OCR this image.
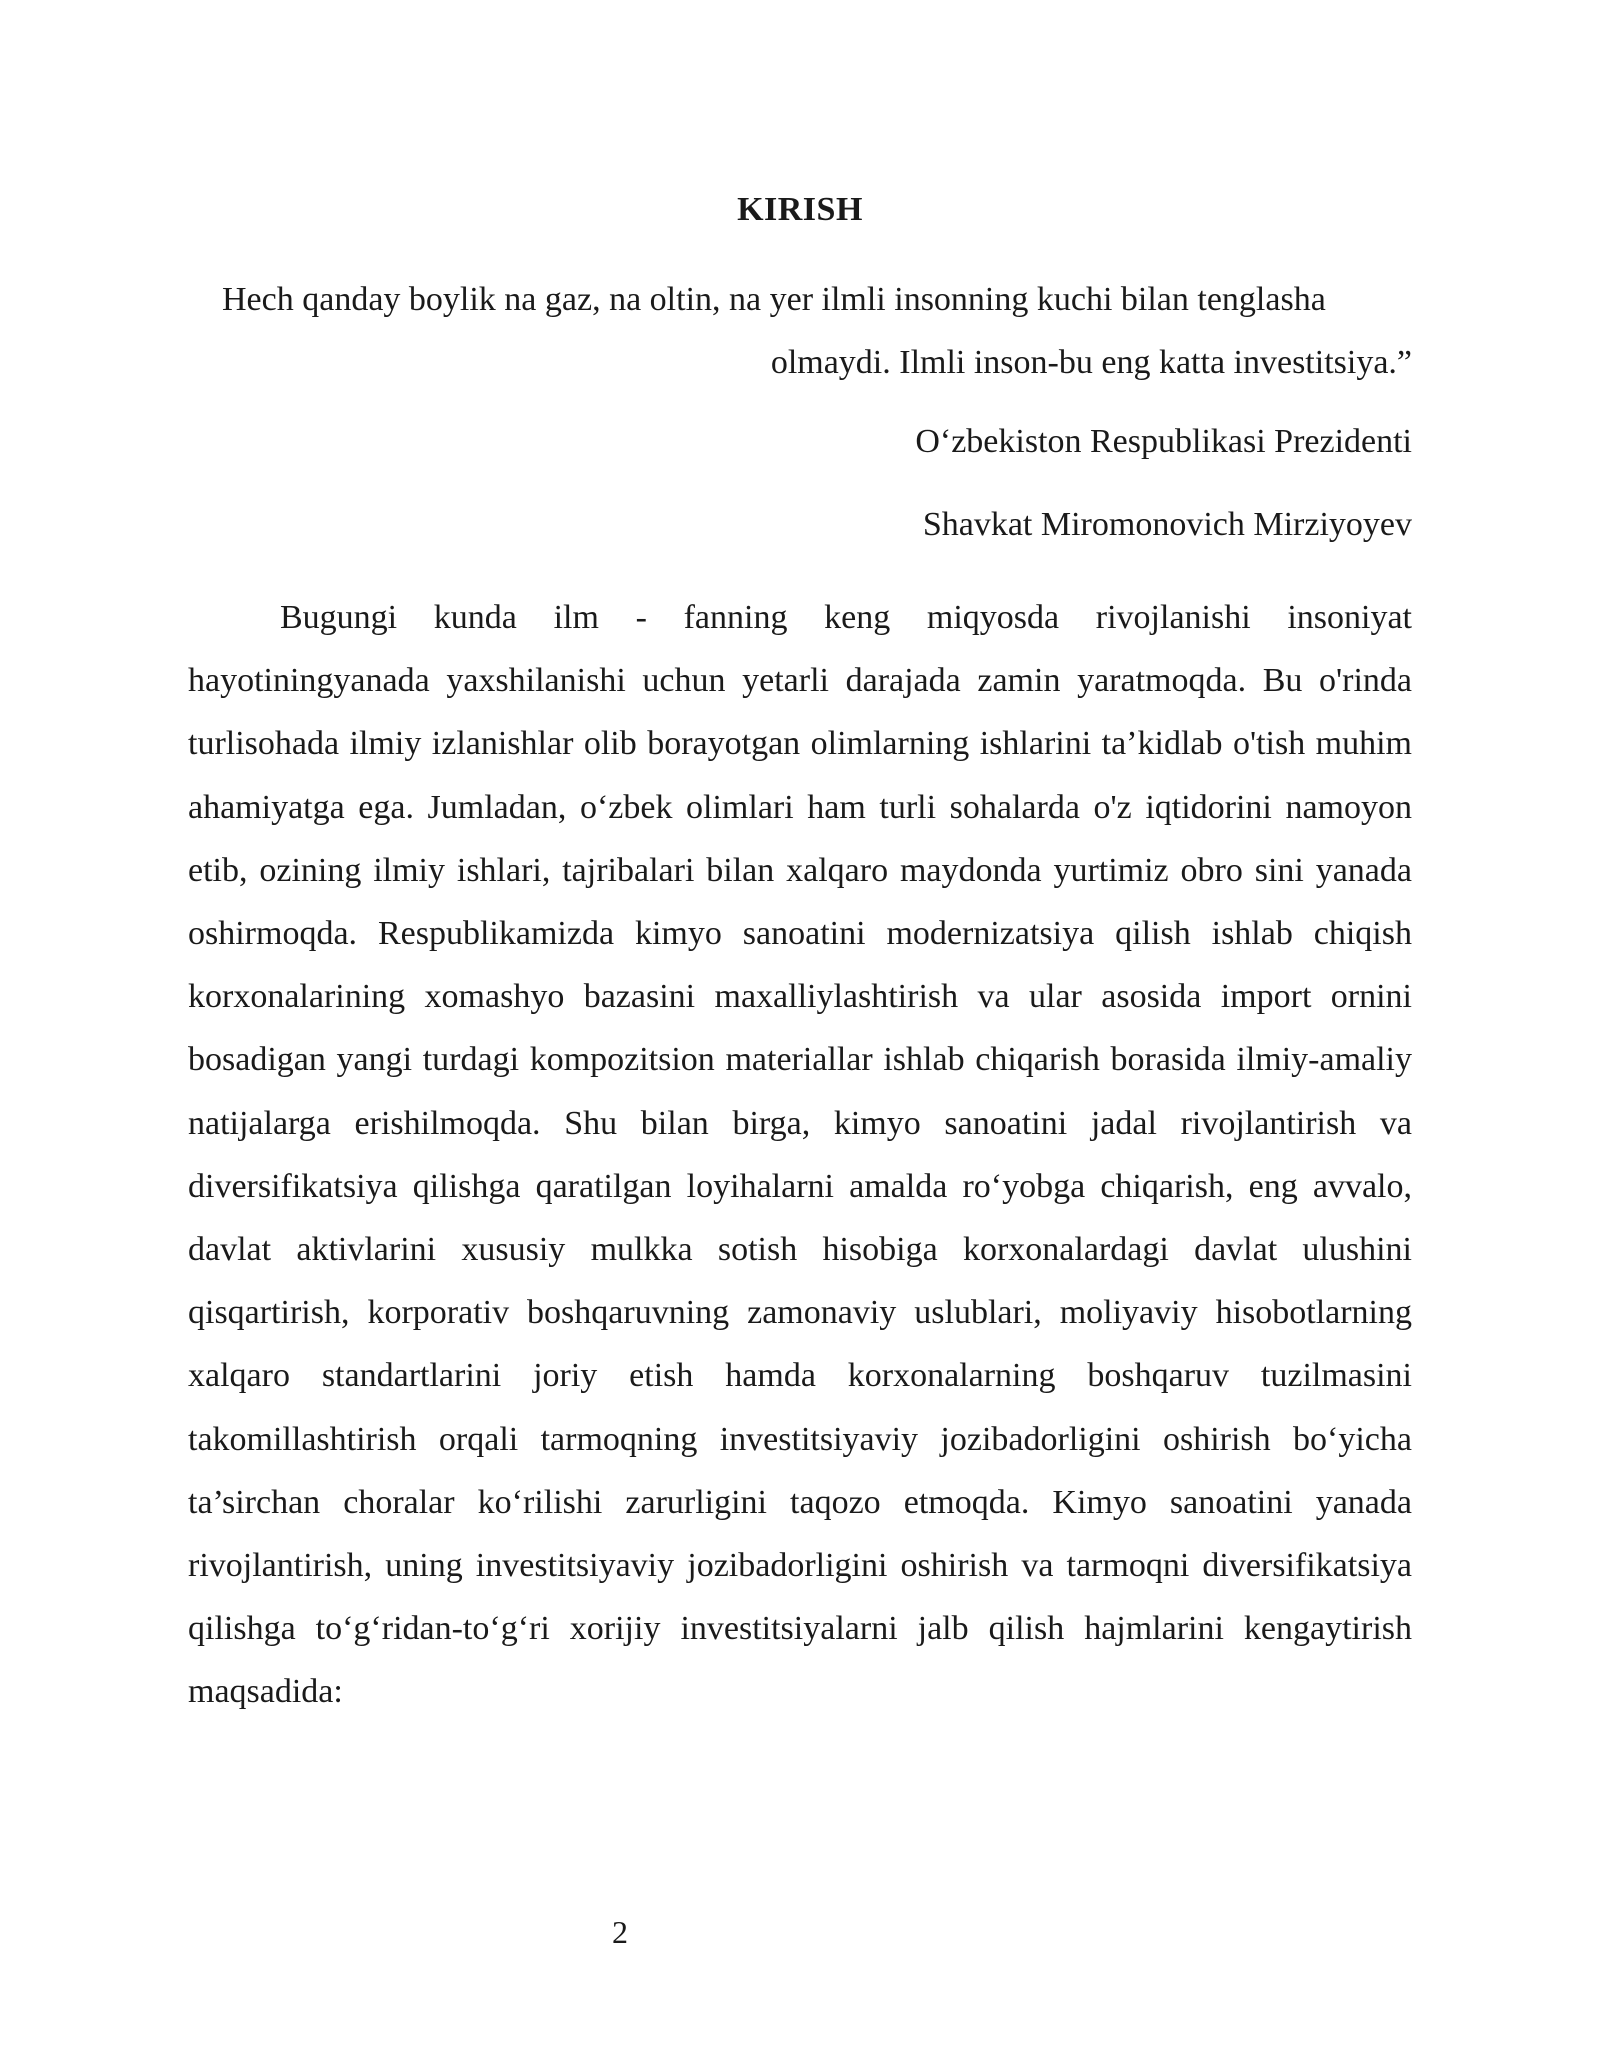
KIRISH

Hech qanday boylik na gaz, na oltin, na yer ilmli insonning kuchi bilan tenglasha

olmaydi. Ilmli inson-bu eng katta investitsiya.”

O‘zbekiston Respublikasi Prezidenti
Shavkat Miromonovich Mirziyoyev

Bugungi kunda ilm - fanning keng miqyosda rivojlanishi insoniyat hayotiningyanada yaxshilanishi uchun yetarli darajada zamin yaratmoqda. Bu o'rinda turlisohada ilmiy izlanishlar olib borayotgan olimlarning ishlarini ta’kidlab o'tish muhim ahamiyatga ega. Jumladan, o‘zbek olimlari ham turli sohalarda o'z iqtidorini namoyon etib, ozining ilmiy ishlari, tajribalari bilan xalqaro maydonda yurtimiz obro sini yanada oshirmoqda. Respublikamizda kimyo sanoatini modernizatsiya qilish ishlab chiqish korxonalarining xomashyo bazasini maxalliylashtirish va ular asosida import ornini bosadigan yangi turdagi kompozitsion materiallar ishlab chiqarish borasida ilmiy-amaliy natijalarga erishilmoqda. Shu bilan birga, kimyo sanoatini jadal rivojlantirish va diversifikatsiya qilishga qaratilgan loyihalarni amalda ro‘yobga chiqarish, eng avvalo, davlat aktivlarini xususiy mulkka sotish hisobiga korxonalardagi davlat ulushini qisqartirish, korporativ boshqaruvning zamonaviy uslublari, moliyaviy hisobotlarning xalqaro standartlarini joriy etish hamda korxonalarning boshqaruv tuzilmasini takomillashtirish orqali tarmoqning investitsiyaviy jozibadorligini oshirish bo‘yicha ta’sirchan choralar ko‘rilishi zarurligini taqozo etmoqda. Kimyo sanoatini yanada rivojlantirish, uning investitsiyaviy jozibadorligini oshirish va tarmoqni diversifikatsiya qilishga to‘g‘ridan-to‘g‘ri xorijiy investitsiyalarni jalb qilish hajmlarini kengaytirish maqsadida:

2
